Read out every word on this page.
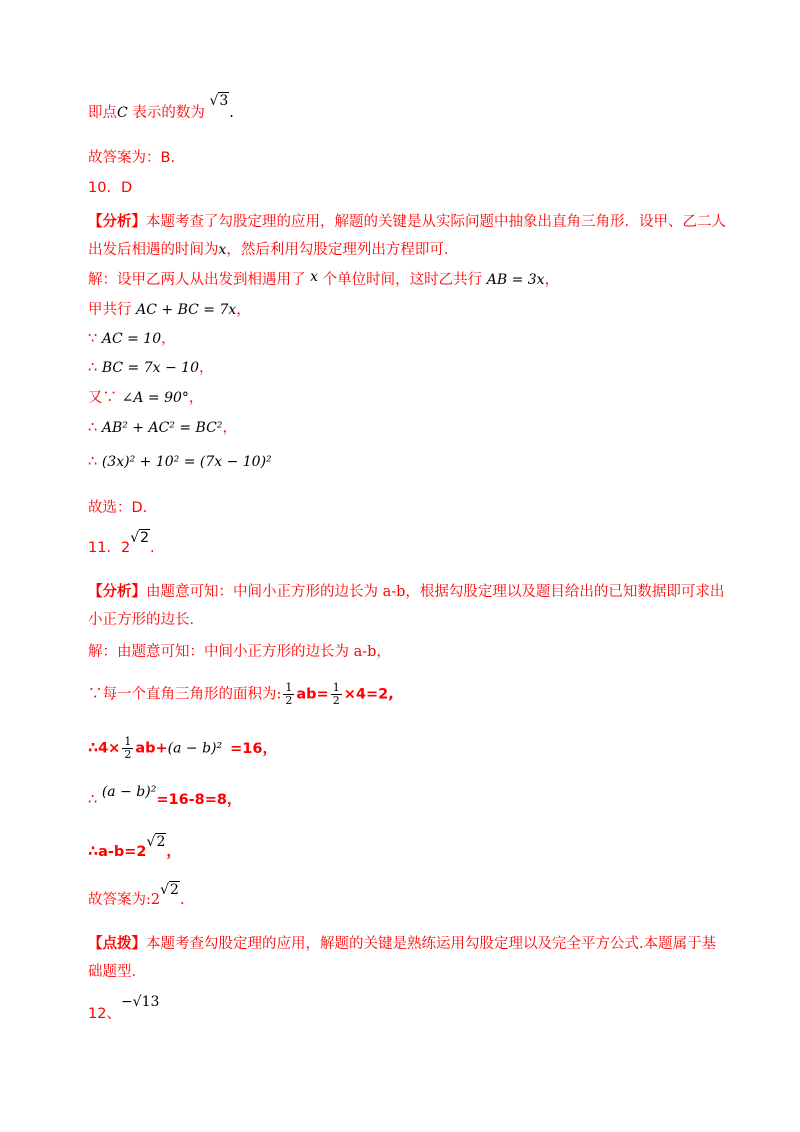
即点C 表示的数为 √3.
故答案为：B.
10．D
【分析】本题考查了勾股定理的应用，解题的关键是从实际问题中抽象出直角三角形．设甲、乙二人出发后相遇的时间为x，然后利用勾股定理列出方程即可．
解：设甲乙两人从出发到相遇用了 x 个单位时间，这时乙共行 AB = 3x，
甲共行 AC + BC = 7x，
∵ AC = 10，
∴ BC = 7x − 10，
又∵ ∠A = 90°，
∴ AB² + AC² = BC²，
∴ (3x)² + 10² = (7x − 10)²
故选：D.
11．2√2.
【分析】由题意可知：中间小正方形的边长为 a-b，根据勾股定理以及题目给出的已知数据即可求出小正方形的边长．
解：由题意可知：中间小正方形的边长为 a-b，
∵每一个直角三角形的面积为: $\frac{1}{2} ab= \frac{1}{2} \times 4=2$,
∴4× $\frac{1}{2} ab+(a - b)^2 =16$，
∴ (a − b)²=16-8=8，
∴a-b=2√2，
故答案为:2√2.
【点拨】本题考查勾股定理的应用，解题的关键是熟练运用勾股定理以及完全平方公式.本题属于基础题型．
12、−√13
